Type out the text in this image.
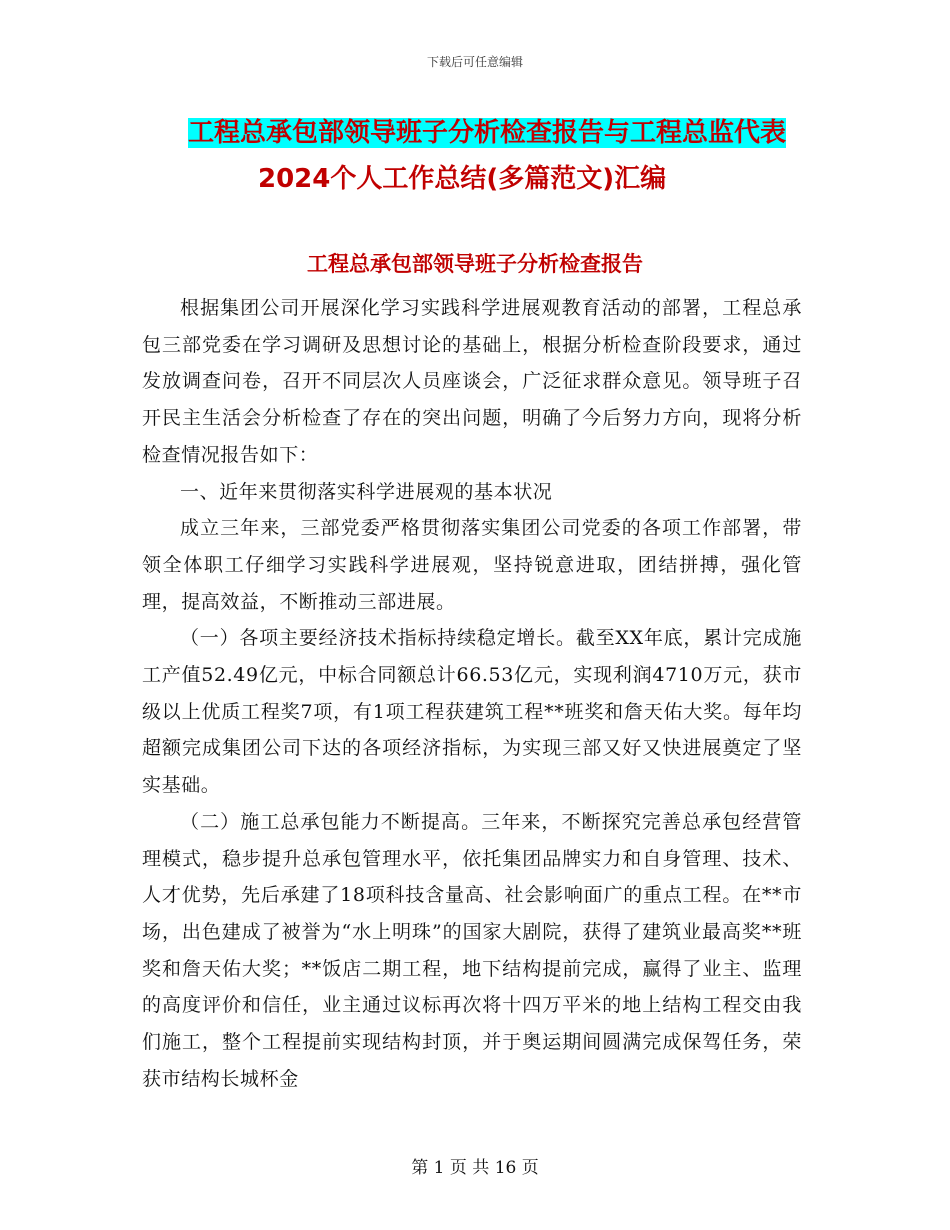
下载后可任意编辑
工程总承包部领导班子分析检查报告与工程总监代表
2024个人工作总结(多篇范文)汇编
工程总承包部领导班子分析检查报告

根据集团公司开展深化学习实践科学进展观教育活动的部署，工程总承包三部党委在学习调研及思想讨论的基础上，根据分析检查阶段要求，通过发放调查问卷，召开不同层次人员座谈会，广泛征求群众意见。领导班子召开民主生活会分析检查了存在的突出问题，明确了今后努力方向，现将分析检查情况报告如下：

一、近年来贯彻落实科学进展观的基本状况

成立三年来，三部党委严格贯彻落实集团公司党委的各项工作部署，带领全体职工仔细学习实践科学进展观，坚持锐意进取，团结拼搏，强化管理，提高效益，不断推动三部进展。

（一）各项主要经济技术指标持续稳定增长。截至XX年底，累计完成施工产值52.49亿元，中标合同额总计66.53亿元，实现利润4710万元，获市级以上优质工程奖7项，有1项工程获建筑工程**班奖和詹天佑大奖。每年均超额完成集团公司下达的各项经济指标，为实现三部又好又快进展奠定了坚实基础。

（二）施工总承包能力不断提高。三年来，不断探究完善总承包经营管理模式，稳步提升总承包管理水平，依托集团品牌实力和自身管理、技术、人才优势，先后承建了18项科技含量高、社会影响面广的重点工程。在**市场，出色建成了被誉为“水上明珠”的国家大剧院，获得了建筑业最高奖**班奖和詹天佑大奖；**饭店二期工程，地下结构提前完成，赢得了业主、监理的高度评价和信任，业主通过议标再次将十四万平米的地上结构工程交由我们施工，整个工程提前实现结构封顶，并于奥运期间圆满完成保驾任务，荣获市结构长城杯金

第 1 页 共 16 页
